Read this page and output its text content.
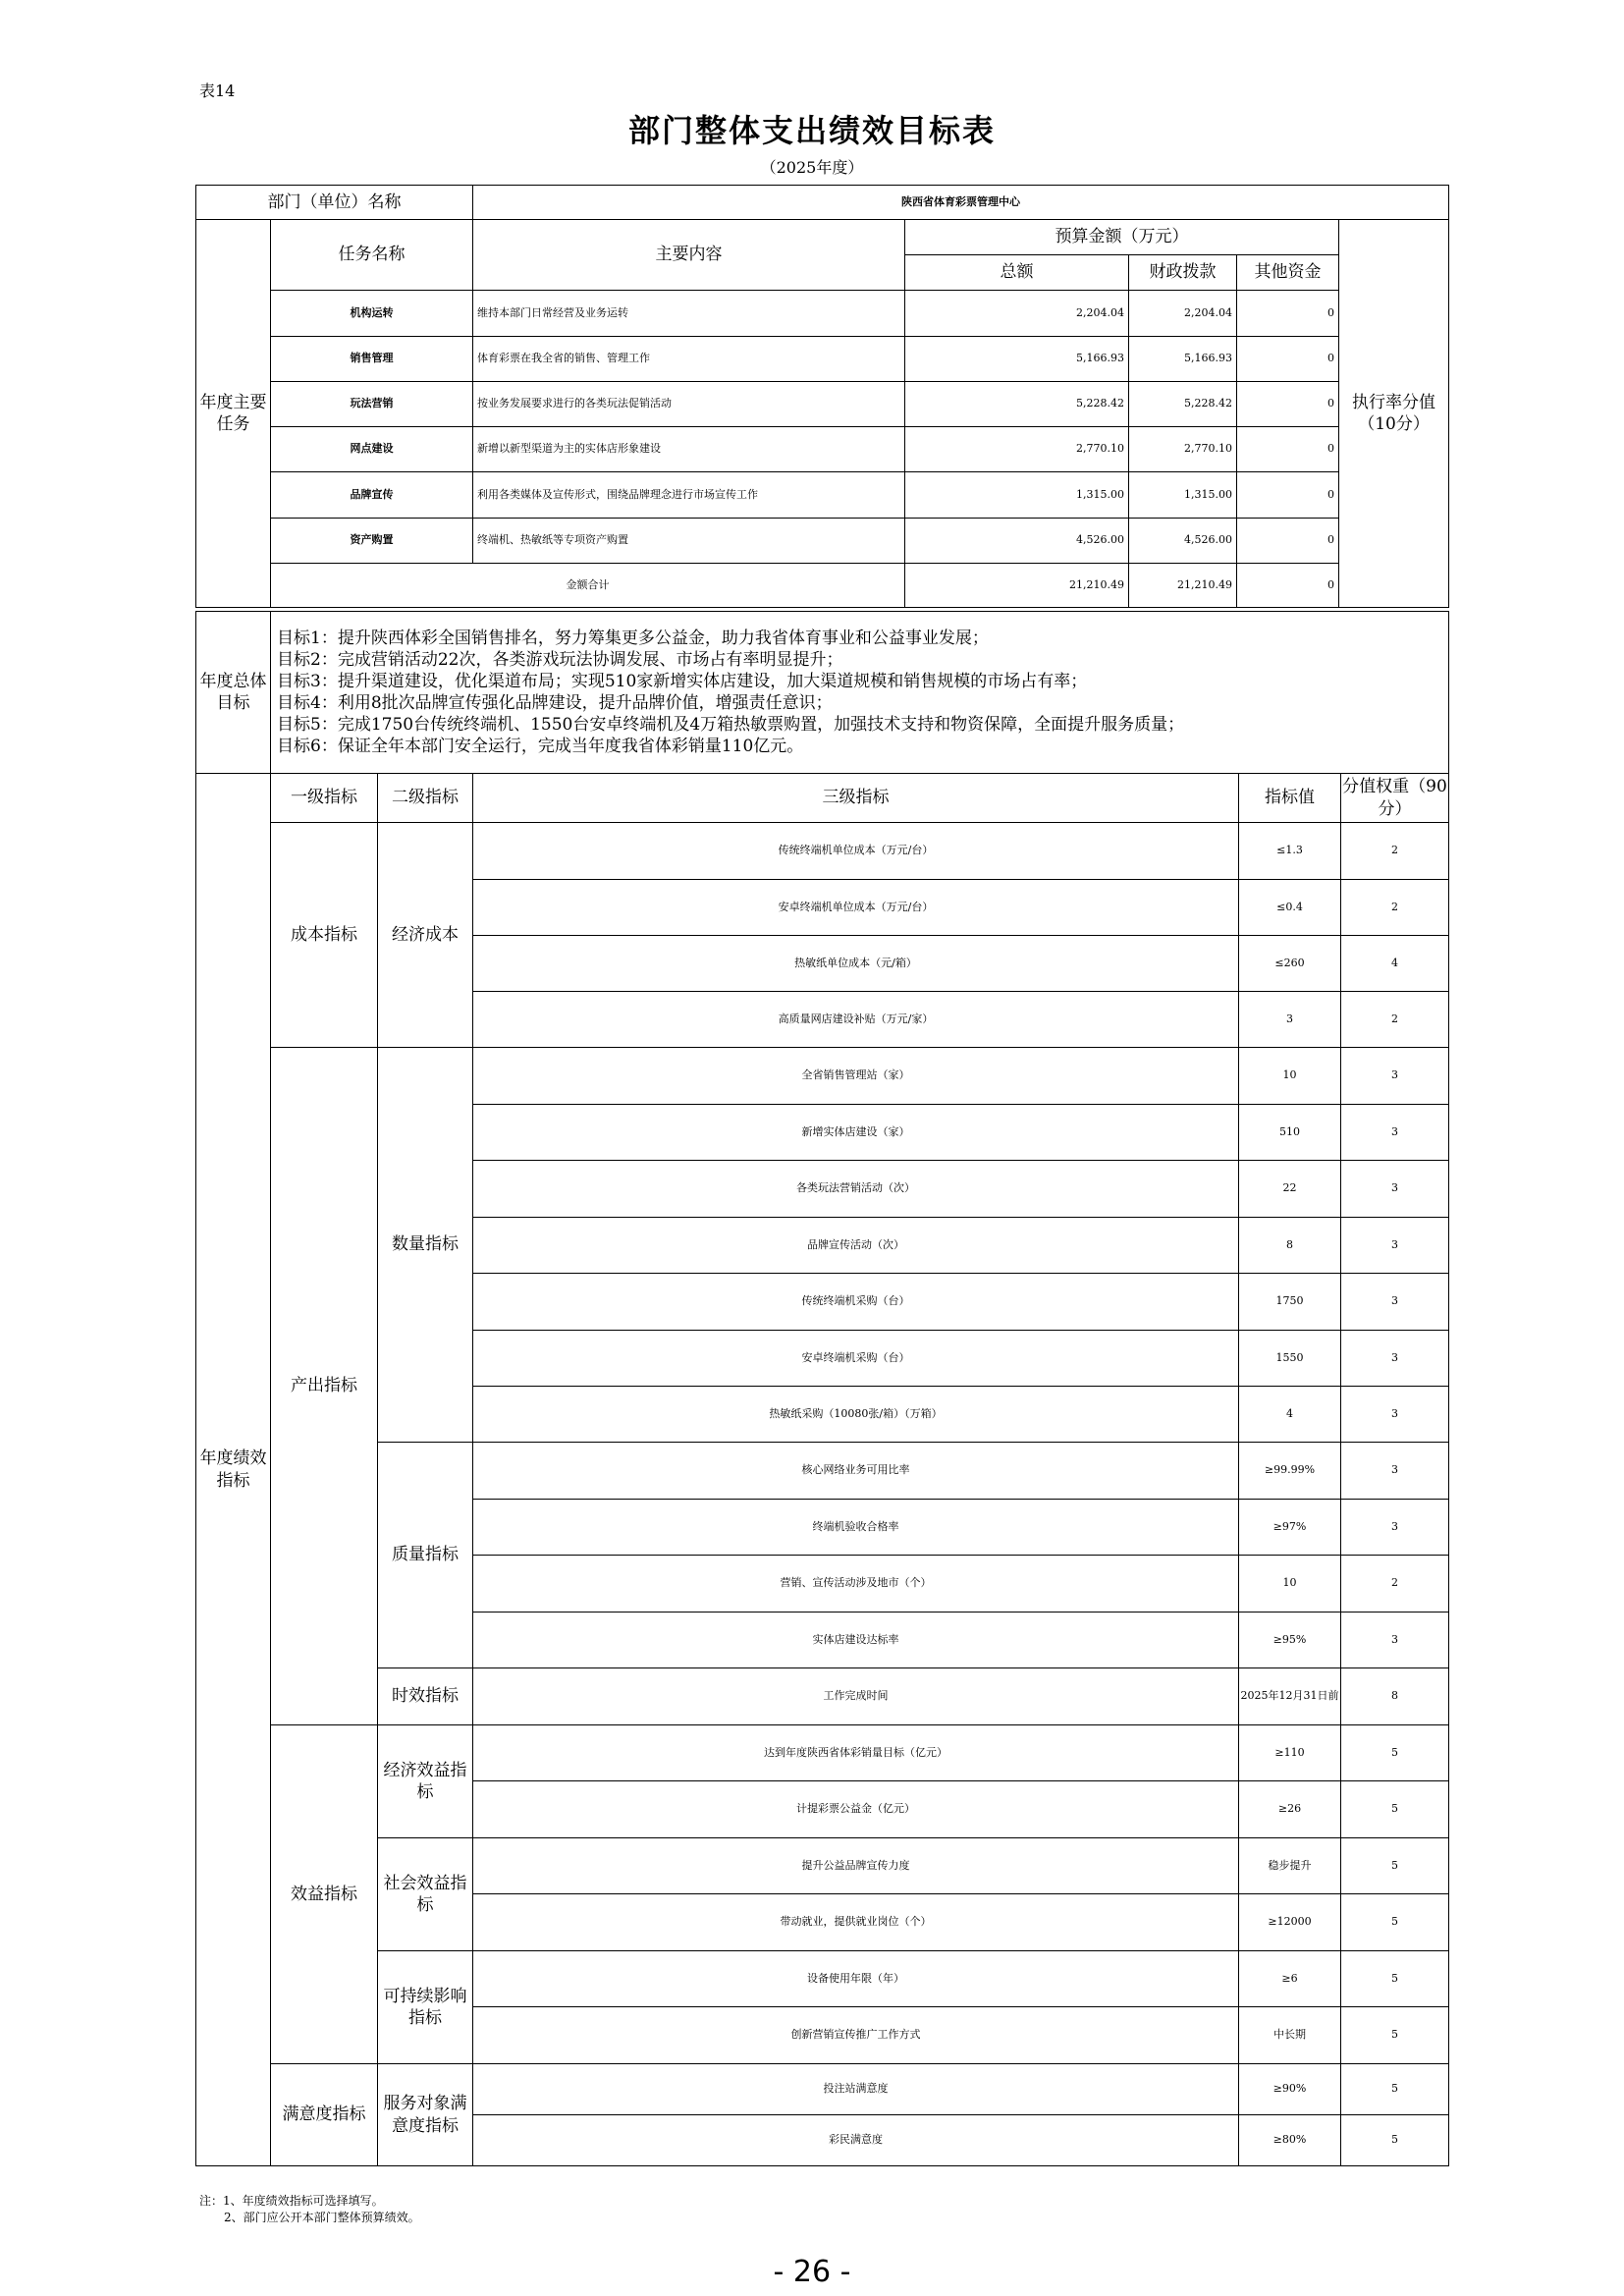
表14
部门整体支出绩效目标表
（2025年度）
部门（单位）名称		陕西省体育彩票管理中心				
年度主要任务	任务名称	主要内容	预算金额（万元）			执行率分值（10分）
			总额	财政拨款	其他资金	
	机构运转	维持本部门日常经营及业务运转	2,204.04	2,204.04	0	
	销售管理	体育彩票在我全省的销售、管理工作	5,166.93	5,166.93	0	
	玩法营销	按业务发展要求进行的各类玩法促销活动	5,228.42	5,228.42	0	
	网点建设	新增以新型渠道为主的实体店形象建设	2,770.10	2,770.10	0	
	品牌宣传	利用各类媒体及宣传形式，围绕品牌理念进行市场宣传工作	1,315.00	1,315.00	0	
	资产购置	终端机、热敏纸等专项资产购置	4,526.00	4,526.00	0	
	金额合计		21,210.49	21,210.49	0	
年度总体目标	
目标1：提升陕西体彩全国销售排名，努力筹集更多公益金，助力我省体育事业和公益事业发展；
目标2：完成营销活动22次，各类游戏玩法协调发展、市场占有率明显提升；
目标3：提升渠道建设，优化渠道布局；实现510家新增实体店建设，加大渠道规模和销售规模的市场占有率；
目标4：利用8批次品牌宣传强化品牌建设，提升品牌价值，增强责任意识；
目标5：完成1750台传统终端机、1550台安卓终端机及4万箱热敏票购置，加强技术支持和物资保障，全面提升服务质量；
目标6：保证全年本部门安全运行，完成当年度我省体彩销量110亿元。
年度绩效指标	一级指标	二级指标	三级指标	指标值	分值权重（90分）
	成本指标	经济成本	传统终端机单位成本（万元/台）	≤1.3	2
			安卓终端机单位成本（万元/台）	≤0.4	2
			热敏纸单位成本（元/箱）	≤260	4
			高质量网店建设补贴（万元/家）	3	2
	产出指标	数量指标	全省销售管理站（家）	10	3
			新增实体店建设（家）	510	3
			各类玩法营销活动（次）	22	3
			品牌宣传活动（次）	8	3
			传统终端机采购（台）	1750	3
			安卓终端机采购（台）	1550	3
			热敏纸采购（10080张/箱）（万箱）	4	3
		质量指标	核心网络业务可用比率	≥99.99%	3
			终端机验收合格率	≥97%	3
			营销、宣传活动涉及地市（个）	10	2
			实体店建设达标率	≥95%	3
		时效指标	工作完成时间	2025年12月31日前	8
	效益指标	经济效益指标	达到年度陕西省体彩销量目标（亿元）	≥110	5
			计提彩票公益金（亿元）	≥26	5
		社会效益指标	提升公益品牌宣传力度	稳步提升	5
			带动就业，提供就业岗位（个）	≥12000	5
		可持续影响指标	设备使用年限（年）	≥6	5
			创新营销宣传推广工作方式	中长期	5
	满意度指标	服务对象满意度指标	投注站满意度	≥90%	5
			彩民满意度	≥80%	5
注：1、年度绩效指标可选择填写。
2、部门应公开本部门整体预算绩效。
- 26 -
